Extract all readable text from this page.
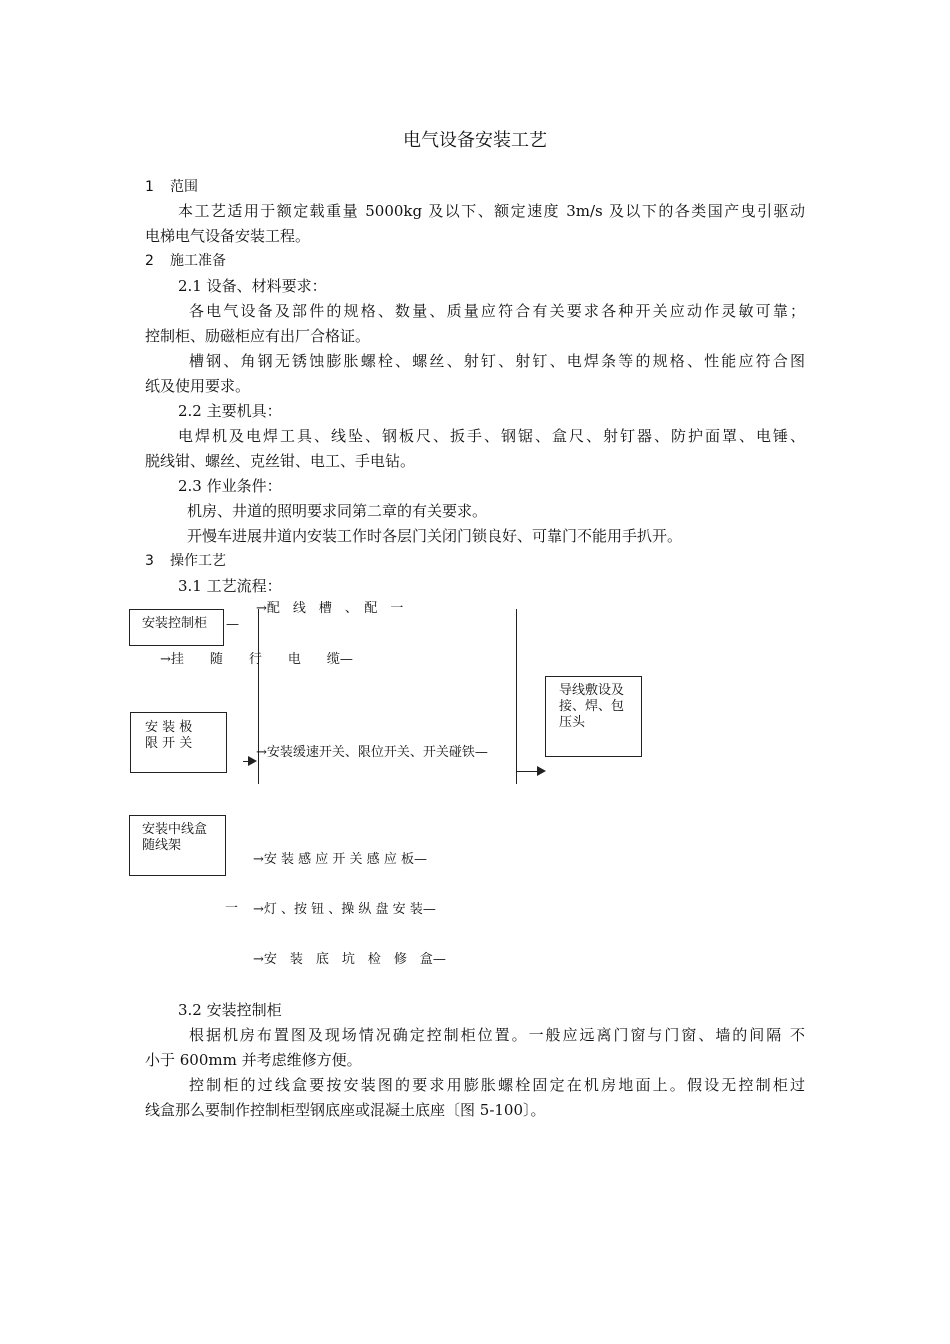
电气设备安装工艺
1 范围
本工艺适用于额定载重量 5000kg 及以下、额定速度 3m/s 及以下的各类国产曳引驱动
电梯电气设备安装工程。
2 施工准备
2.1 设备、材料要求：
各电气设备及部件的规格、数量、质量应符合有关要求各种开关应动作灵敏可靠；
控制柜、励磁柜应有出厂合格证。
槽钢、角钢无锈蚀膨胀螺栓、螺丝、射钉、射钉、电焊条等的规格、性能应符合图
纸及使用要求。
2.2 主要机具：
电焊机及电焊工具、线坠、钢板尺、扳手、钢锯、盒尺、射钉器、防护面罩、电锤、
脱线钳、螺丝、克丝钳、电工、手电钻。
2.3 作业条件：
机房、井道的照明要求同第二章的有关要求。
开慢车进展井道内安装工作时各层门关闭门锁良好、可靠门不能用手扒开。
3 操作工艺
3.1 工艺流程：
安装控制柜	—
→配　线　槽　、　配　一
→挂　　随　　行　　电　　缆—
安 装 极
限 开 关
→安装缓速开关、限位开关、开关碰铁—
导线敷设及
接、焊、包
压头
安装中线盒
随线架
→安 装 感 应 开 关 感 应 板—
一 →灯 、按 钮 、操 纵 盘 安 装—
→安　装　底　坑　检　修　盒—
3.2 安装控制柜
根据机房布置图及现场情况确定控制柜位置。一般应远离门窗与门窗、墙的间隔 不
小于 600mm 并考虑维修方便。
控制柜的过线盒要按安装图的要求用膨胀螺栓固定在机房地面上。假设无控制柜过
线盒那么要制作控制柜型钢底座或混凝土底座〔图 5-100〕。
